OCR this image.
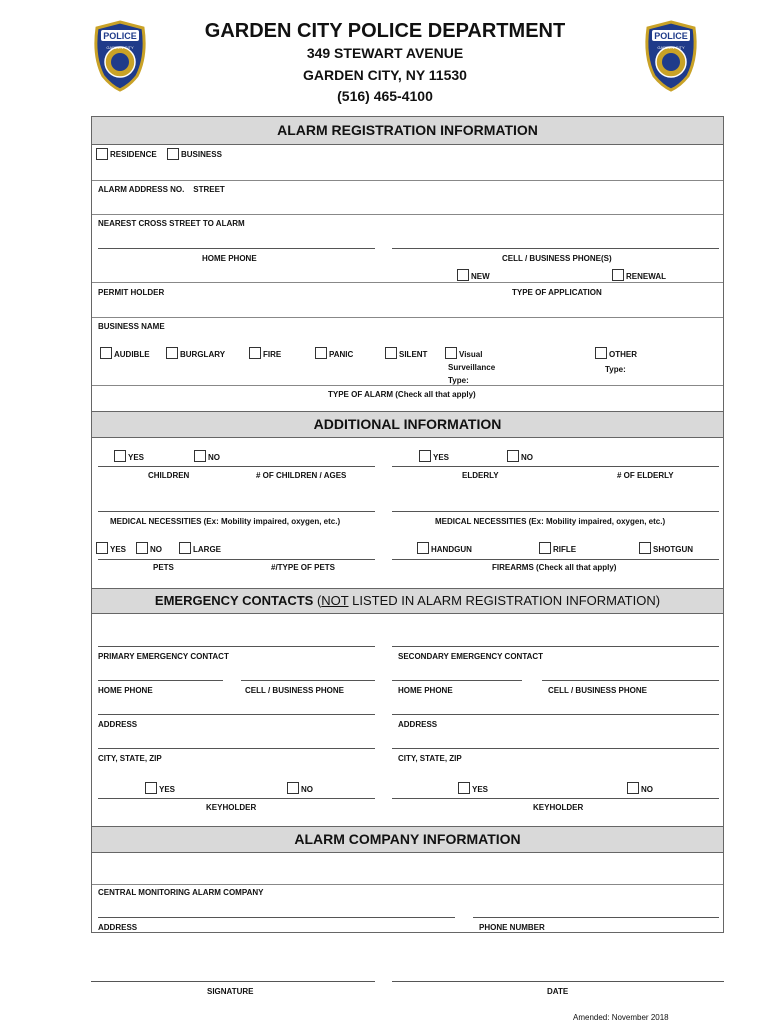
POLICE
GARDEN CITY
POLICE
GARDEN CITY
GARDEN CITY POLICE DEPARTMENT
349 STEWART AVENUE
GARDEN CITY, NY 11530
(516) 465-4100
ALARM REGISTRATION INFORMATION
RESIDENCE	BUSINESS
ALARM ADDRESS NO.    STREET
NEAREST CROSS STREET TO ALARM
HOME PHONE	CELL / BUSINESS PHONE(S)
NEW	RENEWAL
PERMIT HOLDER	TYPE OF APPLICATION
BUSINESS NAME
AUDIBLE	BURGLARY	FIRE	PANIC	SILENT	Visual
Surveillance
Type:
OTHER
Type:
TYPE OF ALARM (Check all that apply)
ADDITIONAL INFORMATION
YES	NO	YES	NO
CHILDREN	# OF CHILDREN / AGES	ELDERLY	# OF ELDERLY
MEDICAL NECESSITIES (Ex: Mobility impaired, oxygen, etc.)	MEDICAL NECESSITIES (Ex: Mobility impaired, oxygen, etc.)
YES	NO	LARGE	HANDGUN	RIFLE	SHOTGUN
PETS	#/TYPE OF PETS	FIREARMS (Check all that apply)
EMERGENCY CONTACTS (NOT LISTED IN ALARM REGISTRATION INFORMATION)
PRIMARY EMERGENCY CONTACT	SECONDARY EMERGENCY CONTACT
HOME PHONE	CELL / BUSINESS PHONE	HOME PHONE	CELL / BUSINESS PHONE
ADDRESS	ADDRESS
CITY, STATE, ZIP	CITY, STATE, ZIP
YES	NO	YES	NO
KEYHOLDER	KEYHOLDER
ALARM COMPANY INFORMATION
CENTRAL MONITORING ALARM COMPANY
ADDRESS	PHONE NUMBER
SIGNATURE	DATE
Amended: November 2018
